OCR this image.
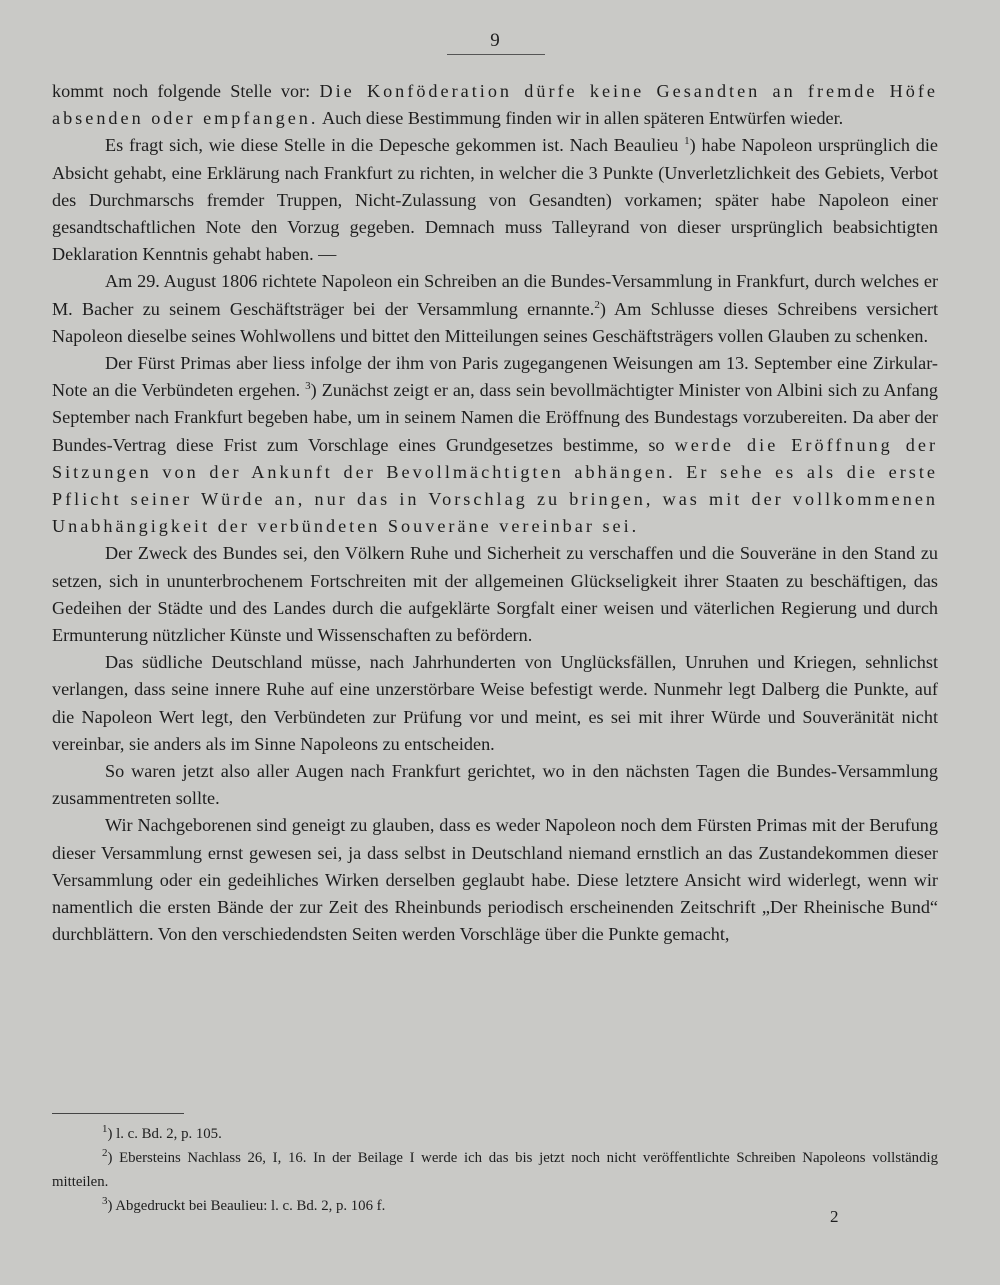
9

kommt noch folgende Stelle vor: Die Konföderation dürfe keine Gesandten an fremde Höfe absenden oder empfangen. Auch diese Bestimmung finden wir in allen späteren Entwürfen wieder.

Es fragt sich, wie diese Stelle in die Depesche gekommen ist. Nach Beaulieu $^1$) habe Napoleon ursprünglich die Absicht gehabt, eine Erklärung nach Frankfurt zu richten, in welcher die 3 Punkte (Unverletzlichkeit des Gebiets, Verbot des Durchmarschs fremder Truppen, Nicht-Zulassung von Gesandten) vorkamen; später habe Napoleon einer gesandtschaftlichen Note den Vorzug gegeben. Demnach muss Talleyrand von dieser ursprünglich beabsichtigten Deklaration Kenntnis gehabt haben. —

Am 29. August 1806 richtete Napoleon ein Schreiben an die Bundes-Versammlung in Frankfurt, durch welches er M. Bacher zu seinem Geschäftsträger bei der Versammlung ernannte.$^2$) Am Schlusse dieses Schreibens versichert Napoleon dieselbe seines Wohlwollens und bittet den Mitteilungen seines Geschäftsträgers vollen Glauben zu schenken.

Der Fürst Primas aber liess infolge der ihm von Paris zugegangenen Weisungen am 13. September eine Zirkular-Note an die Verbündeten ergehen. $^3$) Zunächst zeigt er an, dass sein bevollmächtigter Minister von Albini sich zu Anfang September nach Frankfurt begeben habe, um in seinem Namen die Eröffnung des Bundestags vorzubereiten. Da aber der Bundes-Vertrag diese Frist zum Vorschlage eines Grundgesetzes bestimme, so werde die Eröffnung der Sitzungen von der Ankunft der Bevollmächtigten abhängen. Er sehe es als die erste Pflicht seiner Würde an, nur das in Vorschlag zu bringen, was mit der vollkommenen Unabhängigkeit der verbündeten Souveräne vereinbar sei.

Der Zweck des Bundes sei, den Völkern Ruhe und Sicherheit zu verschaffen und die Souveräne in den Stand zu setzen, sich in ununterbrochenem Fortschreiten mit der allgemeinen Glückseligkeit ihrer Staaten zu beschäftigen, das Gedeihen der Städte und des Landes durch die aufgeklärte Sorgfalt einer weisen und väterlichen Regierung und durch Ermunterung nützlicher Künste und Wissenschaften zu befördern.

Das südliche Deutschland müsse, nach Jahrhunderten von Unglücksfällen, Unruhen und Kriegen, sehnlichst verlangen, dass seine innere Ruhe auf eine unzerstörbare Weise befestigt werde. Nunmehr legt Dalberg die Punkte, auf die Napoleon Wert legt, den Verbündeten zur Prüfung vor und meint, es sei mit ihrer Würde und Souveränität nicht vereinbar, sie anders als im Sinne Napoleons zu entscheiden.

So waren jetzt also aller Augen nach Frankfurt gerichtet, wo in den nächsten Tagen die Bundes-Versammlung zusammentreten sollte.

Wir Nachgeborenen sind geneigt zu glauben, dass es weder Napoleon noch dem Fürsten Primas mit der Berufung dieser Versammlung ernst gewesen sei, ja dass selbst in Deutschland niemand ernstlich an das Zustandekommen dieser Versammlung oder ein gedeihliches Wirken derselben geglaubt habe. Diese letztere Ansicht wird widerlegt, wenn wir namentlich die ersten Bände der zur Zeit des Rheinbunds periodisch erscheinenden Zeitschrift „Der Rheinische Bund“ durchblättern. Von den verschiedendsten Seiten werden Vorschläge über die Punkte gemacht,

$^1$) l. c. Bd. 2, p. 105.

$^2$) Ebersteins Nachlass 26, I, 16. In der Beilage I werde ich das bis jetzt noch nicht veröffentlichte Schreiben Napoleons vollständig mitteilen.

$^3$) Abgedruckt bei Beaulieu: l. c. Bd. 2, p. 106 f.

2
